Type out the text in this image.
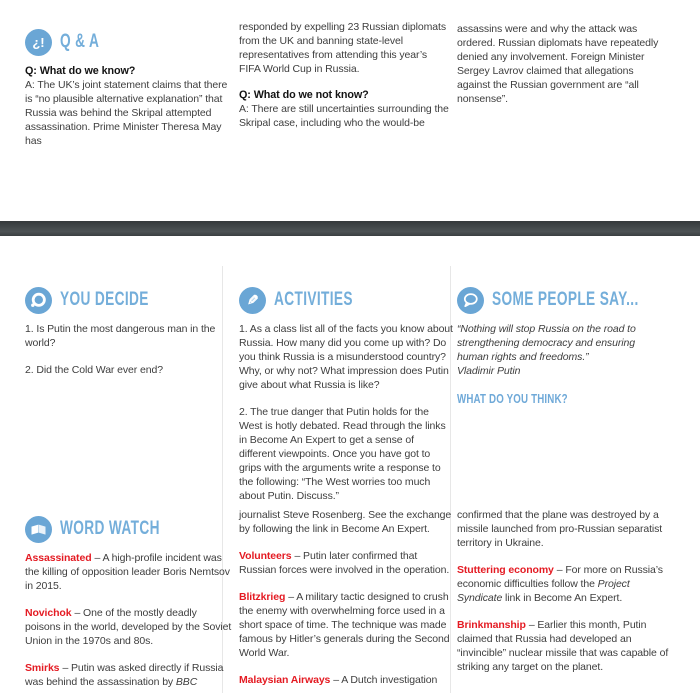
¿! Q & A

Q: What do we know?

A: The UK’s joint statement claims that there is “no plausible alternative explanation” that Russia was behind the Skripal attempted assassination. Prime Minister Theresa May has

responded by expelling 23 Russian diplomats from the UK and banning state-level representatives from attending this year’s FIFA World Cup in Russia.

Q: What do we not know?

A: There are still uncertainties surrounding the Skripal case, including who the would-be

assassins were and why the attack was ordered. Russian diplomats have repeatedly denied any involvement. Foreign Minister Sergey Lavrov claimed that allegations against the Russian government are “all nonsense”.

YOU DECIDE

1. Is Putin the most dangerous man in the world?

2. Did the Cold War ever end?

✎ ACTIVITIES

1. As a class list all of the facts you know about Russia. How many did you come up with? Do you think Russia is a misunderstood country? Why, or why not? What impression does Putin give about what Russia is like?

2. The true danger that Putin holds for the West is hotly debated. Read through the links in Become An Expert to get a sense of different viewpoints. Once you have got to grips with the arguments write a response to the following: “The West worries too much about Putin. Discuss.”

SOME PEOPLE SAY...

“Nothing will stop Russia on the road to strengthening democracy and ensuring human rights and freedoms.”

Vladimir Putin

WHAT DO YOU THINK?
WORD WATCH

Assassinated – A high-profile incident was the killing of opposition leader Boris Nemtsov in 2015.

Novichok – One of the mostly deadly poisons in the world, developed by the Soviet Union in the 1970s and 80s.

Smirks – Putin was asked directly if Russia was behind the assassination by BBC

journalist Steve Rosenberg. See the exchange by following the link in Become An Expert.

Volunteers – Putin later confirmed that Russian forces were involved in the operation.

Blitzkrieg – A military tactic designed to crush the enemy with overwhelming force used in a short space of time. The technique was made famous by Hitler’s generals during the Second World War.

Malaysian Airways – A Dutch investigation

confirmed that the plane was destroyed by a missile launched from pro-Russian separatist territory in Ukraine.

Stuttering economy – For more on Russia’s economic difficulties follow the Project Syndicate link in Become An Expert.

Brinkmanship – Earlier this month, Putin claimed that Russia had developed an “invincible” nuclear missile that was capable of striking any target on the planet.
